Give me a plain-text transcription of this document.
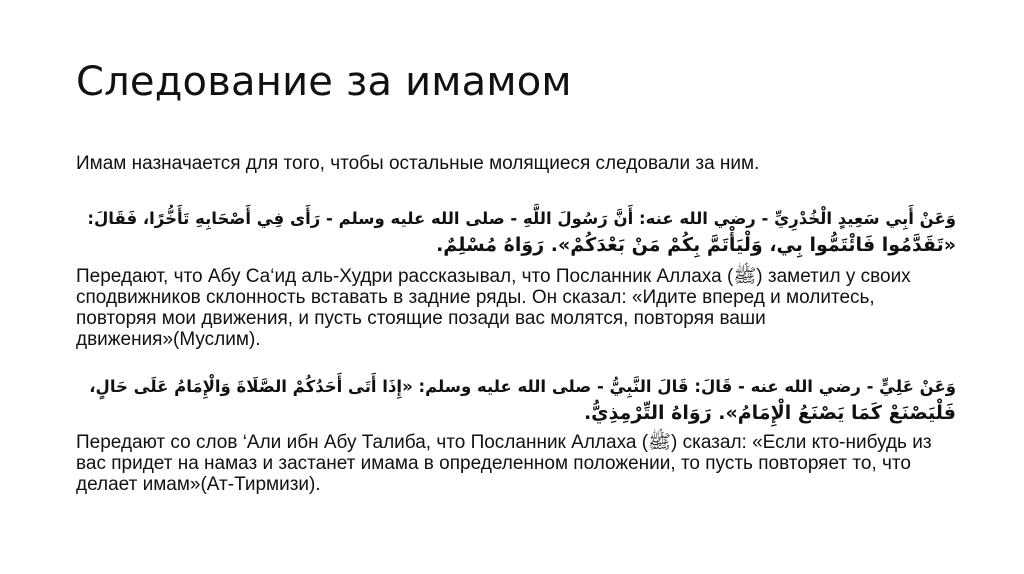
Следование за имамом

Имам назначается для того, чтобы остальные молящиеся следовали за ним.

وَعَنْ أَبِي سَعِيدٍ الْخُدْرِيِّ - رضي الله عنه: أَنَّ رَسُولَ اللَّهِ - صلى الله عليه وسلم - رَأَى فِي أَصْحَابِهِ تَأَخُّرًا، فَقَالَ:
«تَقَدَّمُوا فَائْتَمُّوا بِي، وَلْيَأْتَمَّ بِكُمْ مَنْ بَعْدَكُمْ». رَوَاهُ مُسْلِمٌ.
Передают, что Абу Са‘ид аль-Худри рассказывал, что Посланник Аллаха (ﷺ) заметил у своих
сподвижников склонность вставать в задние ряды. Он сказал: «Идите вперед и молитесь,
повторяя мои движения, и пусть стоящие позади вас молятся, повторяя ваши
движения»(Муслим).
وَعَنْ عَلِيٍّ - رضي الله عنه - قَالَ: قَالَ النَّبِيُّ - صلى الله عليه وسلم: «إِذَا أَتَى أَحَدُكُمْ الصَّلَاةَ وَالْإِمَامُ عَلَى حَالٍ،
فَلْيَصْنَعْ كَمَا يَصْنَعُ الْإِمَامُ». رَوَاهُ التِّرْمِذِيُّ.
Передают со слов ‘Али ибн Абу Талиба, что Посланник Аллаха (ﷺ) сказал: «Если кто-нибудь из
вас придет на намаз и застанет имама в определенном положении, то пусть повторяет то, что
делает имам»(Ат-Тирмизи).
